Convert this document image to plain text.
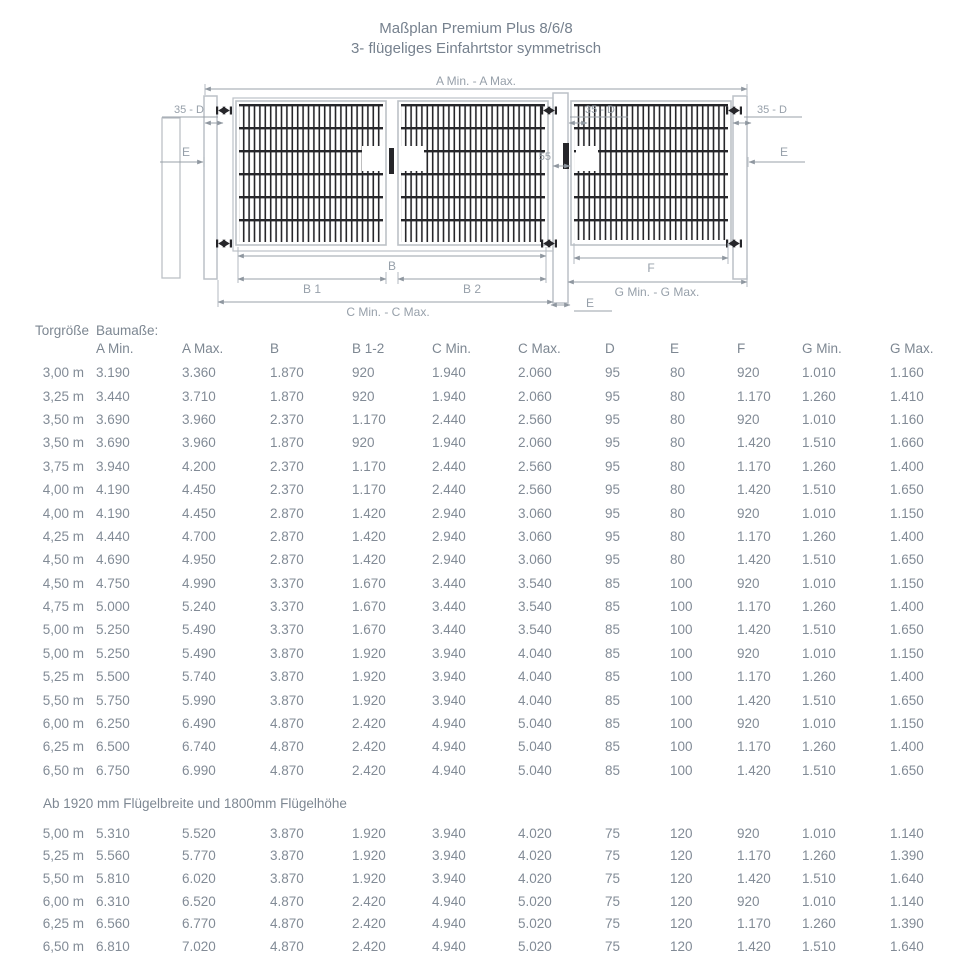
Maßplan Premium Plus 8/6/8
3- flügeliges Einfahrtstor symmetrisch
A Min. - A Max.
35 - D	35 - D	35 - D
E	E
55
B
B 1	B 2
C Min. - C Max.
F
G Min. - G Max.
E
Torgröße Baumaße:
A Min.	A Max.	B	B 1-2	C Min.	C Max.	D	E	F	G Min.	G Max.
3,00 m 3.190	3.360	1.870	920	1.940	2.060	95	80	920	1.010	1.160
3,25 m 3.440	3.710	1.870	920	1.940	2.060	95	80	1.170	1.260	1.410
3,50 m 3.690	3.960	2.370	1.170	2.440	2.560	95	80	920	1.010	1.160
3,50 m 3.690	3.960	1.870	920	1.940	2.060	95	80	1.420	1.510	1.660
3,75 m 3.940	4.200	2.370	1.170	2.440	2.560	95	80	1.170	1.260	1.400
4,00 m 4.190	4.450	2.370	1.170	2.440	2.560	95	80	1.420	1.510	1.650
4,00 m 4.190	4.450	2.870	1.420	2.940	3.060	95	80	920	1.010	1.150
4,25 m 4.440	4.700	2.870	1.420	2.940	3.060	95	80	1.170	1.260	1.400
4,50 m 4.690	4.950	2.870	1.420	2.940	3.060	95	80	1.420	1.510	1.650
4,50 m 4.750	4.990	3.370	1.670	3.440	3.540	85	100	920	1.010	1.150
4,75 m 5.000	5.240	3.370	1.670	3.440	3.540	85	100	1.170	1.260	1.400
5,00 m 5.250	5.490	3.370	1.670	3.440	3.540	85	100	1.420	1.510	1.650
5,00 m 5.250	5.490	3.870	1.920	3.940	4.040	85	100	920	1.010	1.150
5,25 m 5.500	5.740	3.870	1.920	3.940	4.040	85	100	1.170	1.260	1.400
5,50 m 5.750	5.990	3.870	1.920	3.940	4.040	85	100	1.420	1.510	1.650
6,00 m 6.250	6.490	4.870	2.420	4.940	5.040	85	100	920	1.010	1.150
6,25 m 6.500	6.740	4.870	2.420	4.940	5.040	85	100	1.170	1.260	1.400
6,50 m 6.750	6.990	4.870	2.420	4.940	5.040	85	100	1.420	1.510	1.650
Ab 1920 mm Flügelbreite und 1800mm Flügelhöhe
5,00 m 5.310	5.520	3.870	1.920	3.940	4.020	75	120	920	1.010	1.140
5,25 m 5.560	5.770	3.870	1.920	3.940	4.020	75	120	1.170	1.260	1.390
5,50 m 5.810	6.020	3.870	1.920	3.940	4.020	75	120	1.420	1.510	1.640
6,00 m 6.310	6.520	4.870	2.420	4.940	5.020	75	120	920	1.010	1.140
6,25 m 6.560	6.770	4.870	2.420	4.940	5.020	75	120	1.170	1.260	1.390
6,50 m 6.810	7.020	4.870	2.420	4.940	5.020	75	120	1.420	1.510	1.640
